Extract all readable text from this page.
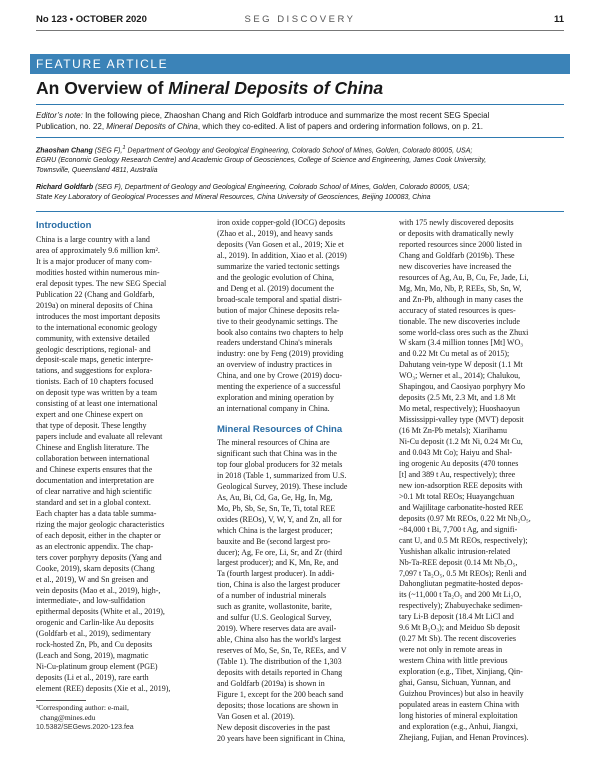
No 123 • OCTOBER 2020	SEG DISCOVERY	11
FEATURE ARTICLE
An Overview of Mineral Deposits of China
Editor’s note: In the following piece, Zhaoshan Chang and Rich Goldfarb introduce and summarize the most recent SEG Special
Publication, no. 22, Mineral Deposits of China, which they co-edited. A list of papers and ordering information follows, on p. 21.
Zhaoshan Chang (SEG F),$^1$ Department of Geology and Geological Engineering, Colorado School of Mines, Golden, Colorado 80005, USA;
EGRU (Economic Geology Research Centre) and Academic Group of Geosciences, College of Science and Engineering, James Cook University,
Townsville, Queensland 4811, Australia
Richard Goldfarb (SEG F), Department of Geology and Geological Engineering, Colorado School of Mines, Golden, Colorado 80005, USA;
State Key Laboratory of Geological Processes and Mineral Resources, China University of Geosciences, Beijing 100083, China
Introduction

China is a large country with a land

area of approximately 9.6 million km².

It is a major producer of many com-

modities hosted within numerous min-

eral deposit types. The new SEG Special

Publication 22 (Chang and Goldfarb,

2019a) on mineral deposits of China

introduces the most important deposits

to the international economic geology

community, with extensive detailed

geologic descriptions, regional- and

deposit-scale maps, genetic interpre-

tations, and suggestions for explora-

tionists. Each of 10 chapters focused

on deposit type was written by a team

consisting of at least one international

expert and one Chinese expert on

that type of deposit. These lengthy

papers include and evaluate all relevant

Chinese and English literature. The

collaboration between international

and Chinese experts ensures that the

documentation and interpretation are

of clear narrative and high scientific

standard and set in a global context.

Each chapter has a data table summa-

rizing the major geologic characteristics

of each deposit, either in the chapter or

as an electronic appendix. The chap-

ters cover porphyry deposits (Yang and

Cooke, 2019), skarn deposits (Chang

et al., 2019), W and Sn greisen and

vein deposits (Mao et al., 2019), high-,

intermediate-, and low-sulfidation

epithermal deposits (White et al., 2019),

orogenic and Carlin-like Au deposits

(Goldfarb et al., 2019), sedimentary

rock-hosted Zn, Pb, and Cu deposits

(Leach and Song, 2019), magmatic

Ni-Cu-platinum group element (PGE)

deposits (Li et al., 2019), rare earth

element (REE) deposits (Xie et al., 2019),

iron oxide copper-gold (IOCG) deposits

(Zhao et al., 2019), and heavy sands

deposits (Van Gosen et al., 2019; Xie et

al., 2019). In addition, Xiao et al. (2019)

summarize the varied tectonic settings

and the geologic evolution of China,

and Deng et al. (2019) document the

broad-scale temporal and spatial distri-

bution of major Chinese deposits rela-

tive to their geodynamic settings. The

book also contains two chapters to help

readers understand China's minerals

industry: one by Feng (2019) providing

an overview of industry practices in

China, and one by Crowe (2019) docu-

menting the experience of a successful

exploration and mining operation by

an international company in China.

Mineral Resources of China

The mineral resources of China are

significant such that China was in the

top four global producers for 32 metals

in 2018 (Table 1, summarized from U.S.

Geological Survey, 2019). These include

As, Au, Bi, Cd, Ga, Ge, Hg, In, Mg,

Mo, Pb, Sb, Se, Sn, Te, Ti, total REE

oxides (REOs), V, W, Y, and Zn, all for

which China is the largest producer;

bauxite and Be (second largest pro-

ducer); Ag, Fe ore, Li, Sr, and Zr (third

largest producer); and K, Mn, Re, and

Ta (fourth largest producer). In addi-

tion, China is also the largest producer

of a number of industrial minerals

such as granite, wollastonite, barite,

and sulfur (U.S. Geological Survey,

2019). Where reserves data are avail-

able, China also has the world's largest

reserves of Mo, Se, Sn, Te, REEs, and V

(Table 1). The distribution of the 1,303

deposits with details reported in Chang

and Goldfarb (2019a) is shown in

Figure 1, except for the 200 beach sand

deposits; those locations are shown in

Van Gosen et al. (2019).

New deposit discoveries in the past

20 years have been significant in China,

with 175 newly discovered deposits

or deposits with dramatically newly

reported resources since 2000 listed in

Chang and Goldfarb (2019b). These

new discoveries have increased the

resources of Ag, Au, B, Cu, Fe, Jade, Li,

Mg, Mn, Mo, Nb, P, REEs, Sb, Sn, W,

and Zn-Pb, although in many cases the

accuracy of stated resources is ques-

tionable. The new discoveries include

some world-class ores such as the Zhuxi

W skarn (3.4 million tonnes [Mt] WO₃

and 0.22 Mt Cu metal as of 2015);

Dahutang vein-type W deposit (1.1 Mt

WO₃; Werner et al., 2014); Chalukou,

Shapingou, and Caosiyao porphyry Mo

deposits (2.5 Mt, 2.3 Mt, and 1.8 Mt

Mo metal, respectively); Huoshaoyun

Mississippi-valley type (MVT) deposit

(16 Mt Zn-Pb metals); Xiarihamu

Ni-Cu deposit (1.2 Mt Ni, 0.24 Mt Cu,

and 0.043 Mt Co); Haiyu and Shal-

ing orogenic Au deposits (470 tonnes

[t] and 389 t Au, respectively); three

new ion-adsorption REE deposits with

>0.1 Mt total REOs; Huayangchuan

and Wajilitage carbonatite-hosted REE

deposits (0.97 Mt REOs, 0.22 Mt Nb₂O₅,

~84,000 t Bi, 7,700 t Ag, and signifi-

cant U, and 0.5 Mt REOs, respectively);

Yushishan alkalic intrusion-related

Nb-Ta-REE deposit (0.14 Mt Nb₂O₅,

7,097 t Ta₂O₅, 0.5 Mt REOs); Renli and

Dahongliutan pegmatite-hosted depos-

its (~11,000 t Ta₂O₅ and 200 Mt Li₂O,

respectively); Zhabuyechake sedimen-

tary Li-B deposit (18.4 Mt LiCl and

9.6 Mt B₂O₃); and Meiduo Sb deposit

(0.27 Mt Sb). The recent discoveries

were not only in remote areas in

western China with little previous

exploration (e.g., Tibet, Xinjiang, Qin-

ghai, Gansu, Sichuan, Yunnan, and

Guizhou Provinces) but also in heavily

populated areas in eastern China with

long histories of mineral exploitation

and exploration (e.g., Anhui, Jiangxi,

Zhejiang, Fujian, and Henan Provinces).

¹Corresponding author: e-mail,
chang@mines.edu
10.5382/SEGews.2020-123.fea
